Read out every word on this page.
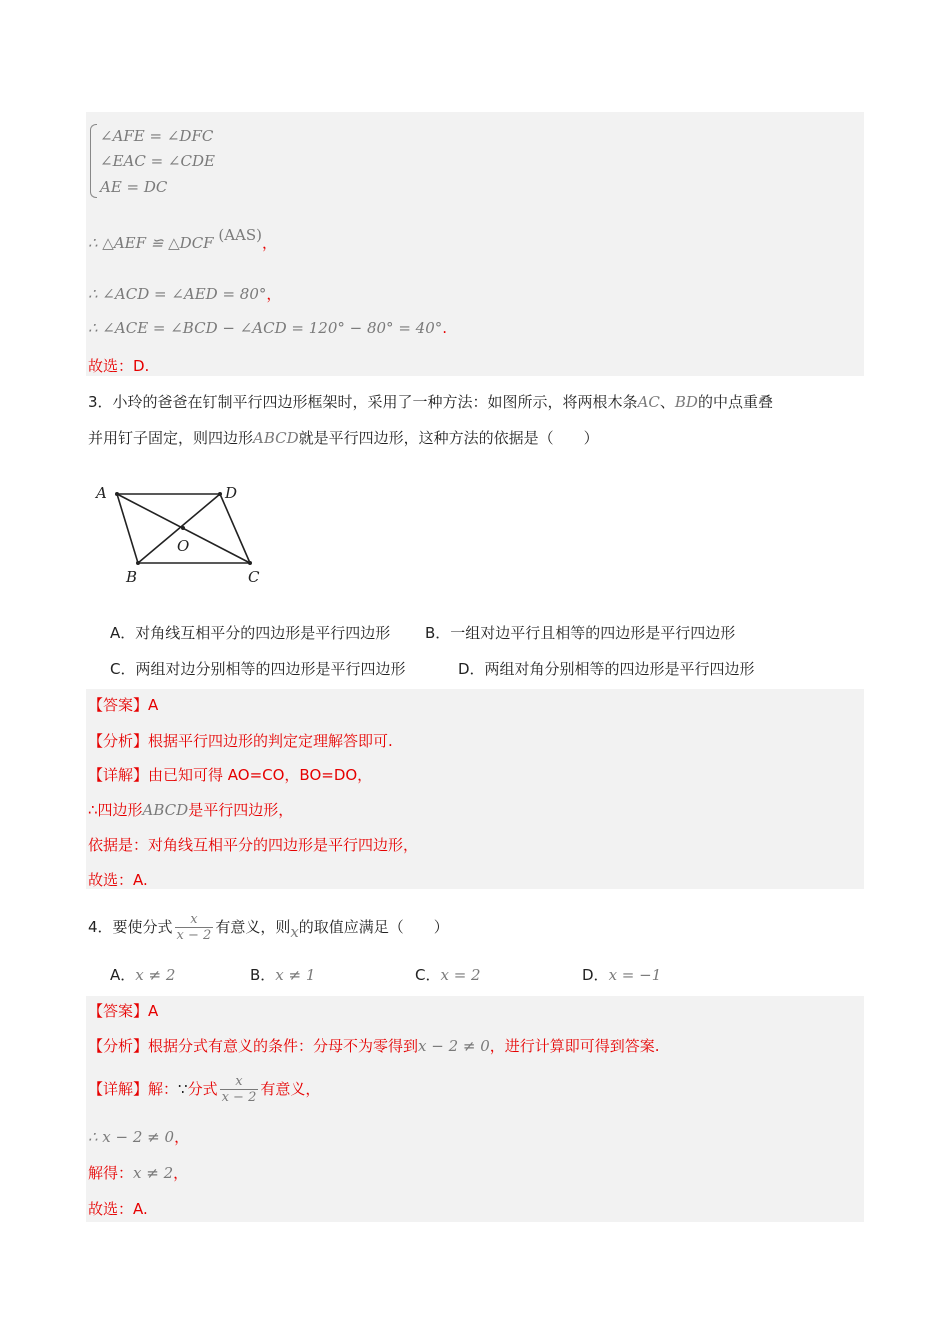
∠AFE = ∠DFC
∠EAC = ∠CDE
AE = DC
∴ △AEF ≌ △DCF (AAS)，
∴ ∠ACD = ∠AED = 80°，
∴ ∠ACE = ∠BCD − ∠ACD = 120° − 80° = 40°.
故选：D.
3．小玲的爸爸在钉制平行四边形框架时，采用了一种方法：如图所示，将两根木条AC、BD的中点重叠
并用钉子固定，则四边形ABCD就是平行四边形，这种方法的依据是（　　）
A	D
O
B	C
A．对角线互相平分的四边形是平行四边形 B．一组对边平行且相等的四边形是平行四边形
C．两组对边分别相等的四边形是平行四边形	D．两组对角分别相等的四边形是平行四边形
【答案】A
【分析】根据平行四边形的判定定理解答即可.
【详解】由已知可得 AO=CO，BO=DO，
∴四边形ABCD是平行四边形，
依据是：对角线互相平分的四边形是平行四边形，
故选：A.
4．要使分式 $\frac{x}{x - 2}$ 有意义，则x的取值应满足（　　）
A．x ≠ 2	B．x ≠ 1	C．x = 2	D．x = −1
【答案】A
【分析】根据分式有意义的条件：分母不为零得到x − 2 ≠ 0，进行计算即可得到答案.
【详解】解：∵分式 $\frac{x}{x - 2}$ 有意义，
∴ x − 2 ≠ 0，
解得：x ≠ 2，
故选：A.
